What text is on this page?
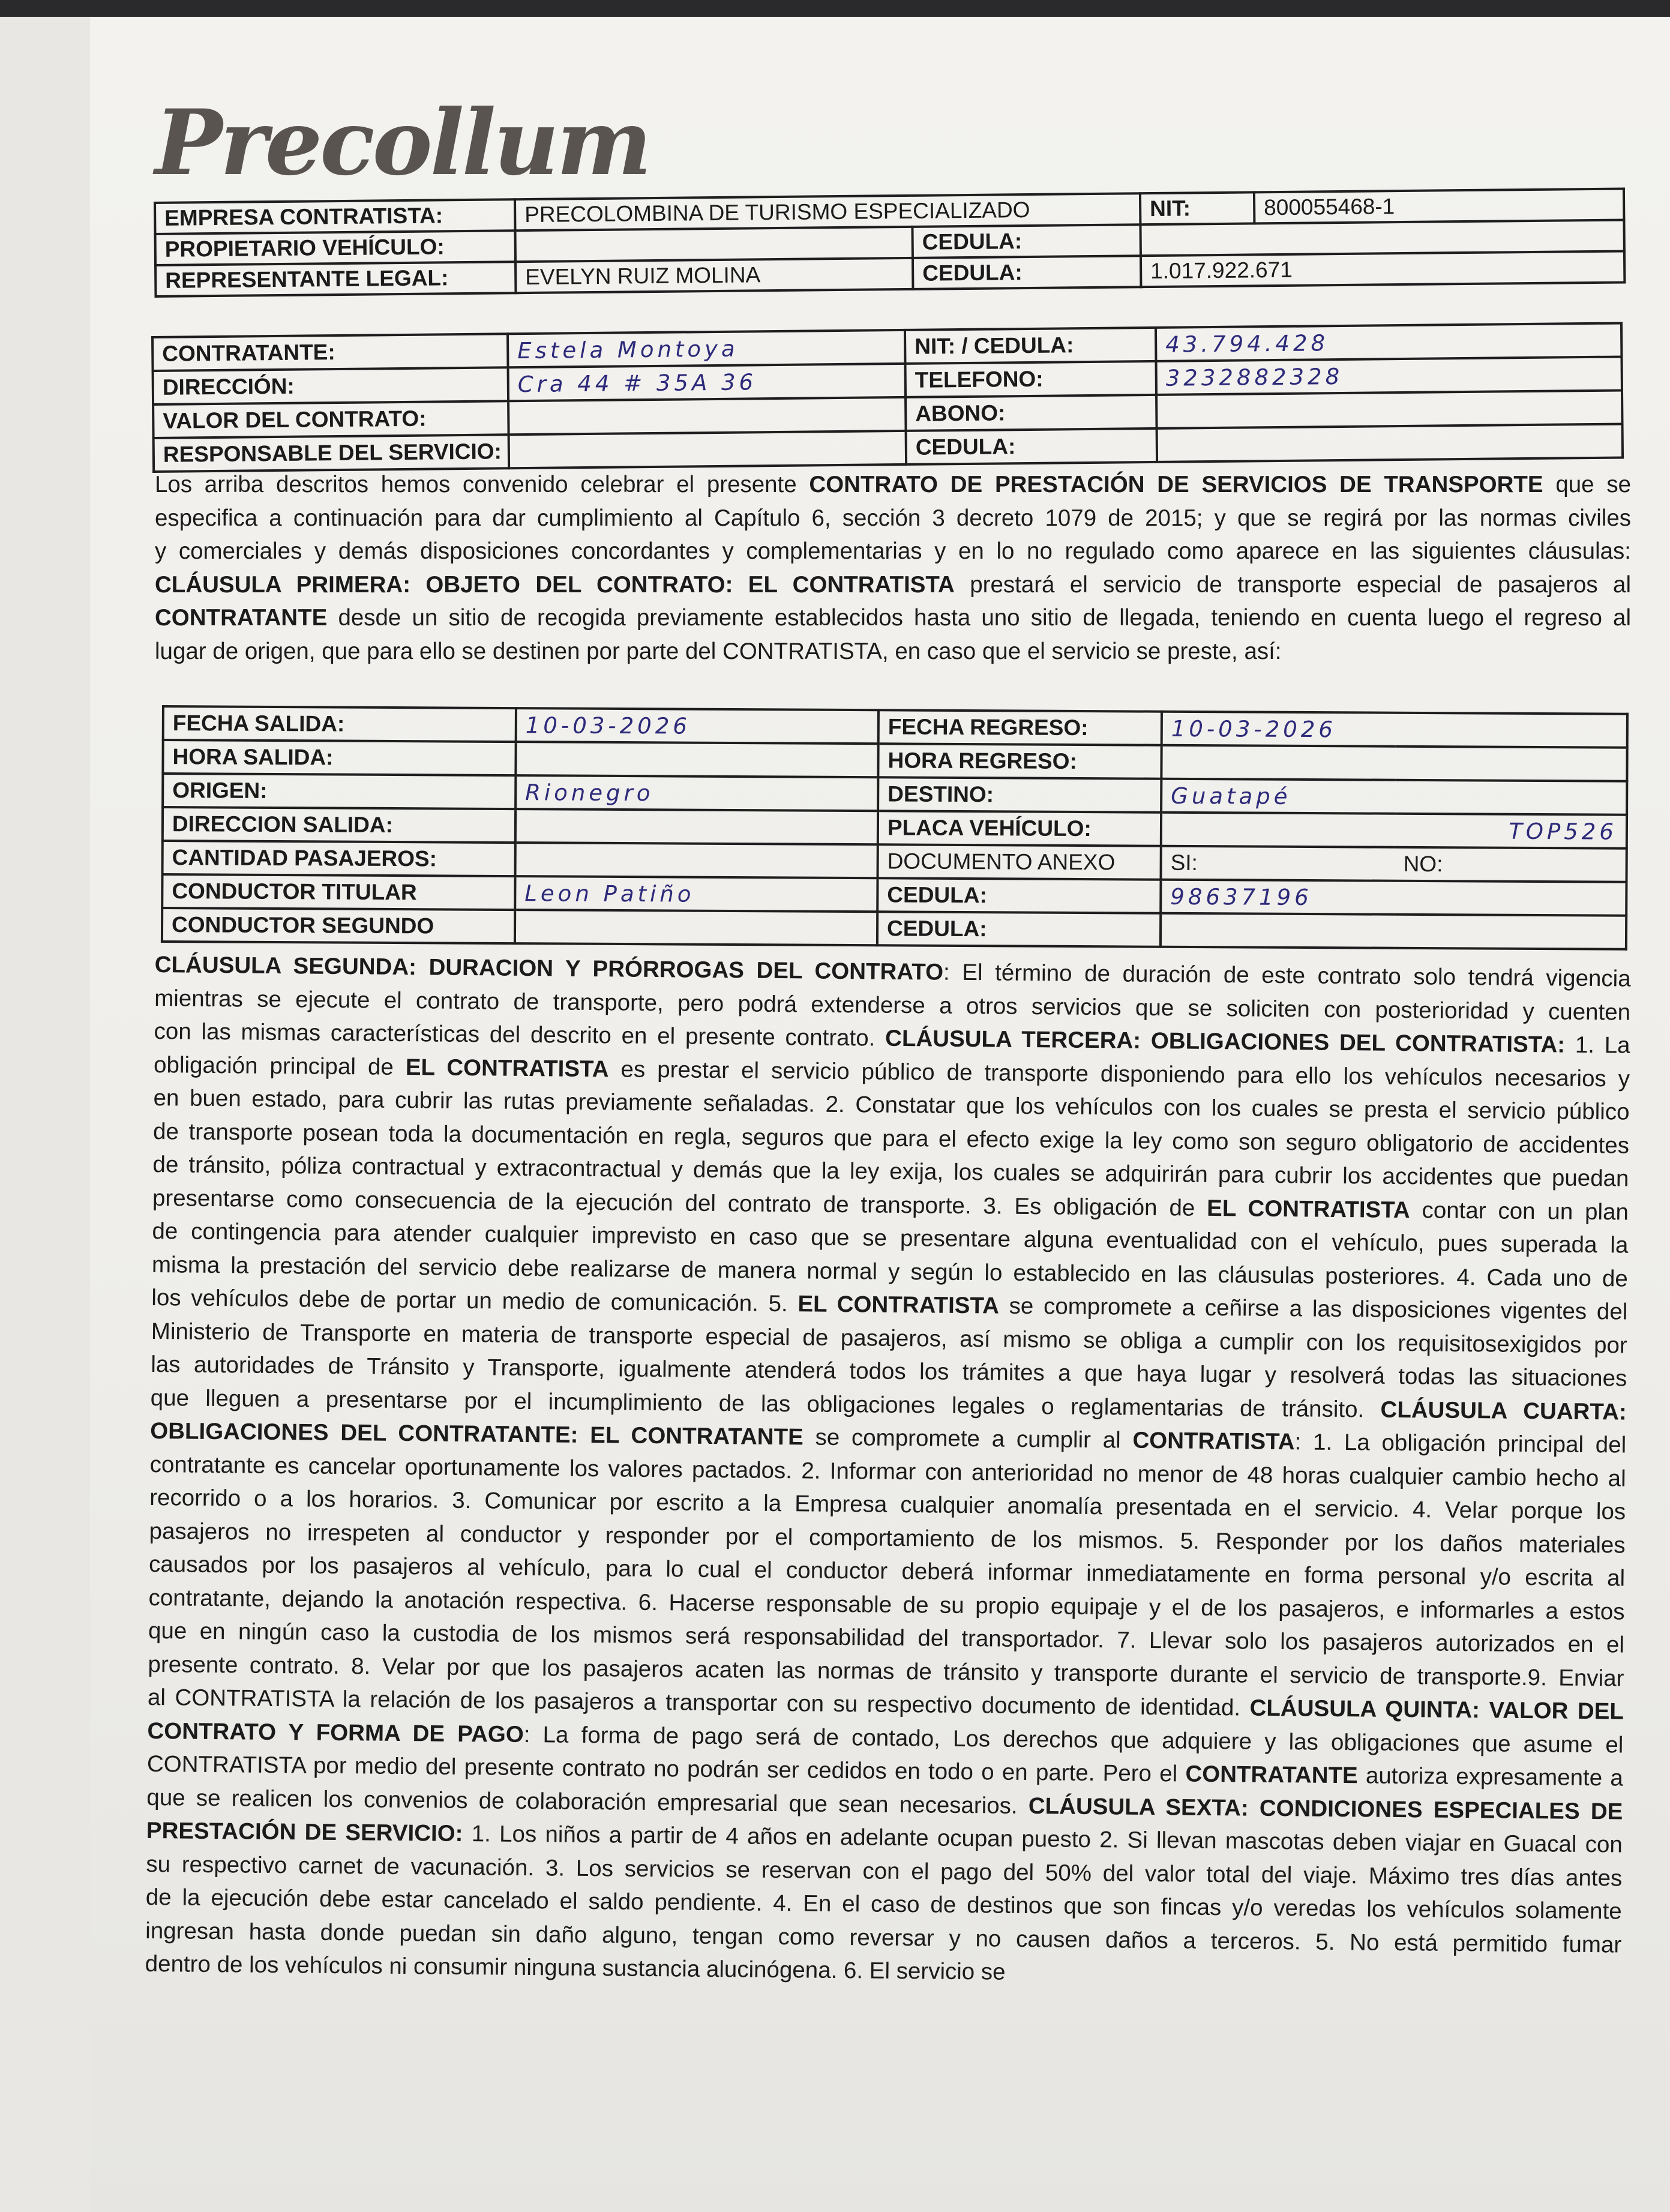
Precollum
EMPRESA CONTRATISTA:	PRECOLOMBINA DE TURISMO ESPECIALIZADO		NIT:	800055468-1
PROPIETARIO VEHÍCULO:		CEDULA:		
REPRESENTANTE LEGAL:	EVELYN RUIZ MOLINA	CEDULA:	1.017.922.671	
CONTRATANTE:	Estela Montoya	NIT: / CEDULA:	43.794.428
DIRECCIÓN:	Cra 44 # 35A 36	TELEFONO:	3232882328
VALOR DEL CONTRATO:		ABONO:	
RESPONSABLE DEL SERVICIO:		CEDULA:	
Los arriba descritos hemos convenido celebrar el presente CONTRATO DE PRESTACIÓN DE SERVICIOS DE TRANSPORTE que se
especifica a continuación para dar cumplimiento al Capítulo 6, sección 3 decreto 1079 de 2015; y que se regirá por las normas civiles
y comerciales y demás disposiciones concordantes y complementarias y en lo no regulado como aparece en las siguientes cláusulas:
CLÁUSULA PRIMERA: OBJETO DEL CONTRATO: EL CONTRATISTA prestará el servicio de transporte especial de pasajeros al
CONTRATANTE desde un sitio de recogida previamente establecidos hasta uno sitio de llegada, teniendo en cuenta luego el regreso al
lugar de origen, que para ello se destinen por parte del CONTRATISTA, en caso que el servicio se preste, así:
FECHA SALIDA:	10-03-2026	FECHA REGRESO:	10-03-2026	
HORA SALIDA:		HORA REGRESO:		
ORIGEN:	Rionegro	DESTINO:	Guatapé	
DIRECCION SALIDA:		PLACA VEHÍCULO:	TOP526	
CANTIDAD PASAJEROS:		DOCUMENTO ANEXO	SI:	NO:
CONDUCTOR TITULAR	Leon Patiño	CEDULA:	98637196	
CONDUCTOR SEGUNDO		CEDULA:		
CLÁUSULA SEGUNDA: DURACION Y PRÓRROGAS DEL CONTRATO: El término de duración de este contrato solo tendrá vigencia
mientras se ejecute el contrato de transporte, pero podrá extenderse a otros servicios que se soliciten con posterioridad y cuenten
con las mismas características del descrito en el presente contrato. CLÁUSULA TERCERA: OBLIGACIONES DEL CONTRATISTA: 1. La
obligación principal de EL CONTRATISTA es prestar el servicio público de transporte disponiendo para ello los vehículos necesarios y
en buen estado, para cubrir las rutas previamente señaladas. 2. Constatar que los vehículos con los cuales se presta el servicio público
de transporte posean toda la documentación en regla, seguros que para el efecto exige la ley como son seguro obligatorio de accidentes
de tránsito, póliza contractual y extracontractual y demás que la ley exija, los cuales se adquirirán para cubrir los accidentes que puedan
presentarse como consecuencia de la ejecución del contrato de transporte. 3. Es obligación de EL CONTRATISTA contar con un plan
de contingencia para atender cualquier imprevisto en caso que se presentare alguna eventualidad con el vehículo, pues superada la
misma la prestación del servicio debe realizarse de manera normal y según lo establecido en las cláusulas posteriores. 4. Cada uno de
los vehículos debe de portar un medio de comunicación. 5. EL CONTRATISTA se compromete a ceñirse a las disposiciones vigentes del
Ministerio de Transporte en materia de transporte especial de pasajeros, así mismo se obliga a cumplir con los requisitosexigidos por
las autoridades de Tránsito y Transporte, igualmente atenderá todos los trámites a que haya lugar y resolverá todas las situaciones
que lleguen a presentarse por el incumplimiento de las obligaciones legales o reglamentarias de tránsito. CLÁUSULA CUARTA:
OBLIGACIONES DEL CONTRATANTE: EL CONTRATANTE se compromete a cumplir al CONTRATISTA: 1. La obligación principal del
contratante es cancelar oportunamente los valores pactados. 2. Informar con anterioridad no menor de 48 horas cualquier cambio hecho al
recorrido o a los horarios. 3. Comunicar por escrito a la Empresa cualquier anomalía presentada en el servicio. 4. Velar porque los
pasajeros no irrespeten al conductor y responder por el comportamiento de los mismos. 5. Responder por los daños materiales
causados por los pasajeros al vehículo, para lo cual el conductor deberá informar inmediatamente en forma personal y/o escrita al
contratante, dejando la anotación respectiva. 6. Hacerse responsable de su propio equipaje y el de los pasajeros, e informarles a estos
que en ningún caso la custodia de los mismos será responsabilidad del transportador. 7. Llevar solo los pasajeros autorizados en el
presente contrato. 8. Velar por que los pasajeros acaten las normas de tránsito y transporte durante el servicio de transporte.9. Enviar
al CONTRATISTA la relación de los pasajeros a transportar con su respectivo documento de identidad. CLÁUSULA QUINTA: VALOR DEL
CONTRATO Y FORMA DE PAGO: La forma de pago será de contado, Los derechos que adquiere y las obligaciones que asume el
CONTRATISTA por medio del presente contrato no podrán ser cedidos en todo o en parte. Pero el CONTRATANTE autoriza expresamente a
que se realicen los convenios de colaboración empresarial que sean necesarios. CLÁUSULA SEXTA: CONDICIONES ESPECIALES DE
PRESTACIÓN DE SERVICIO: 1. Los niños a partir de 4 años en adelante ocupan puesto 2. Si llevan mascotas deben viajar en Guacal con
su respectivo carnet de vacunación. 3. Los servicios se reservan con el pago del 50% del valor total del viaje. Máximo tres días antes
de la ejecución debe estar cancelado el saldo pendiente. 4. En el caso de destinos que son fincas y/o veredas los vehículos solamente
ingresan hasta donde puedan sin daño alguno, tengan como reversar y no causen daños a terceros. 5. No está permitido fumar
dentro de los vehículos ni consumir ninguna sustancia alucinógena. 6. El servicio se
